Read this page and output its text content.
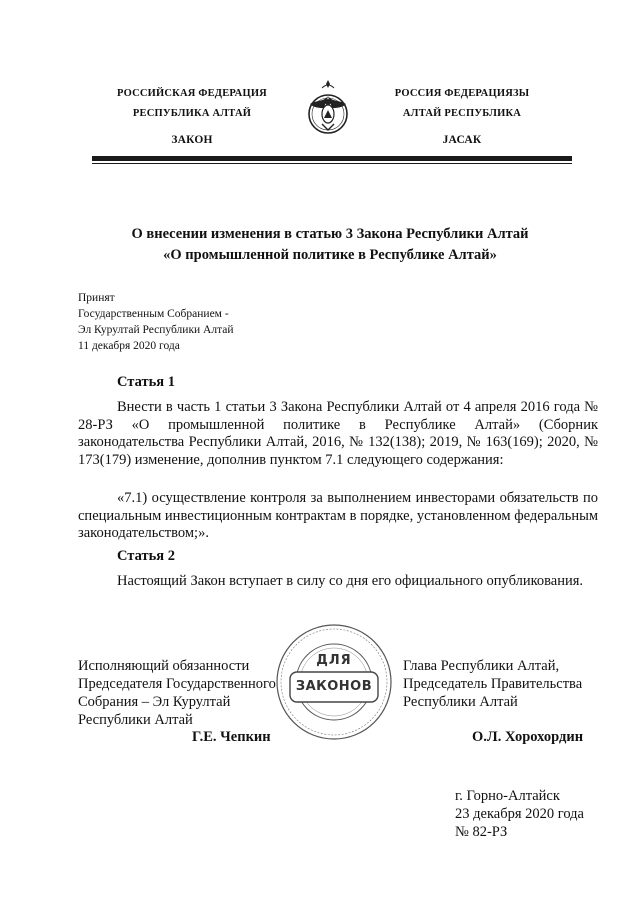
РОССИЙСКАЯ ФЕДЕРАЦИЯ
РЕСПУБЛИКА АЛТАЙ
ЗАКОН
РОССИЯ ФЕДЕРАЦИЯЗЫ
АЛТАЙ РЕСПУБЛИКА
JАСАК
О внесении изменения в статью 3 Закона Республики Алтай
«О промышленной политике в Республике Алтай»
Принят
Государственным Собранием -
Эл Курултай Республики Алтай
11 декабря 2020 года
Статья 1
Внести в часть 1 статьи 3 Закона Республики Алтай от 4 апреля 2016 года № 28-РЗ «О промышленной политике в Республике Алтай» (Сборник законодательства Республики Алтай, 2016, № 132(138); 2019, № 163(169); 2020, № 173(179) изменение, дополнив пунктом 7.1 следующего содержания:
«7.1) осуществление контроля за выполнением инвесторами обязательств по специальным инвестиционным контрактам в порядке, установленном федеральным законодательством;».
Статья 2
Настоящий Закон вступает в силу со дня его официального опубликования.
ДЛЯ
ЗАКОНОВ
Исполняющий обязанности
Председателя Государственного
Собрания – Эл Курултай
Республики Алтай
Г.Е. Чепкин
Глава Республики Алтай,
Председатель Правительства
Республики Алтай
О.Л. Хорохордин
г. Горно-Алтайск
23 декабря 2020 года
№ 82-РЗ
